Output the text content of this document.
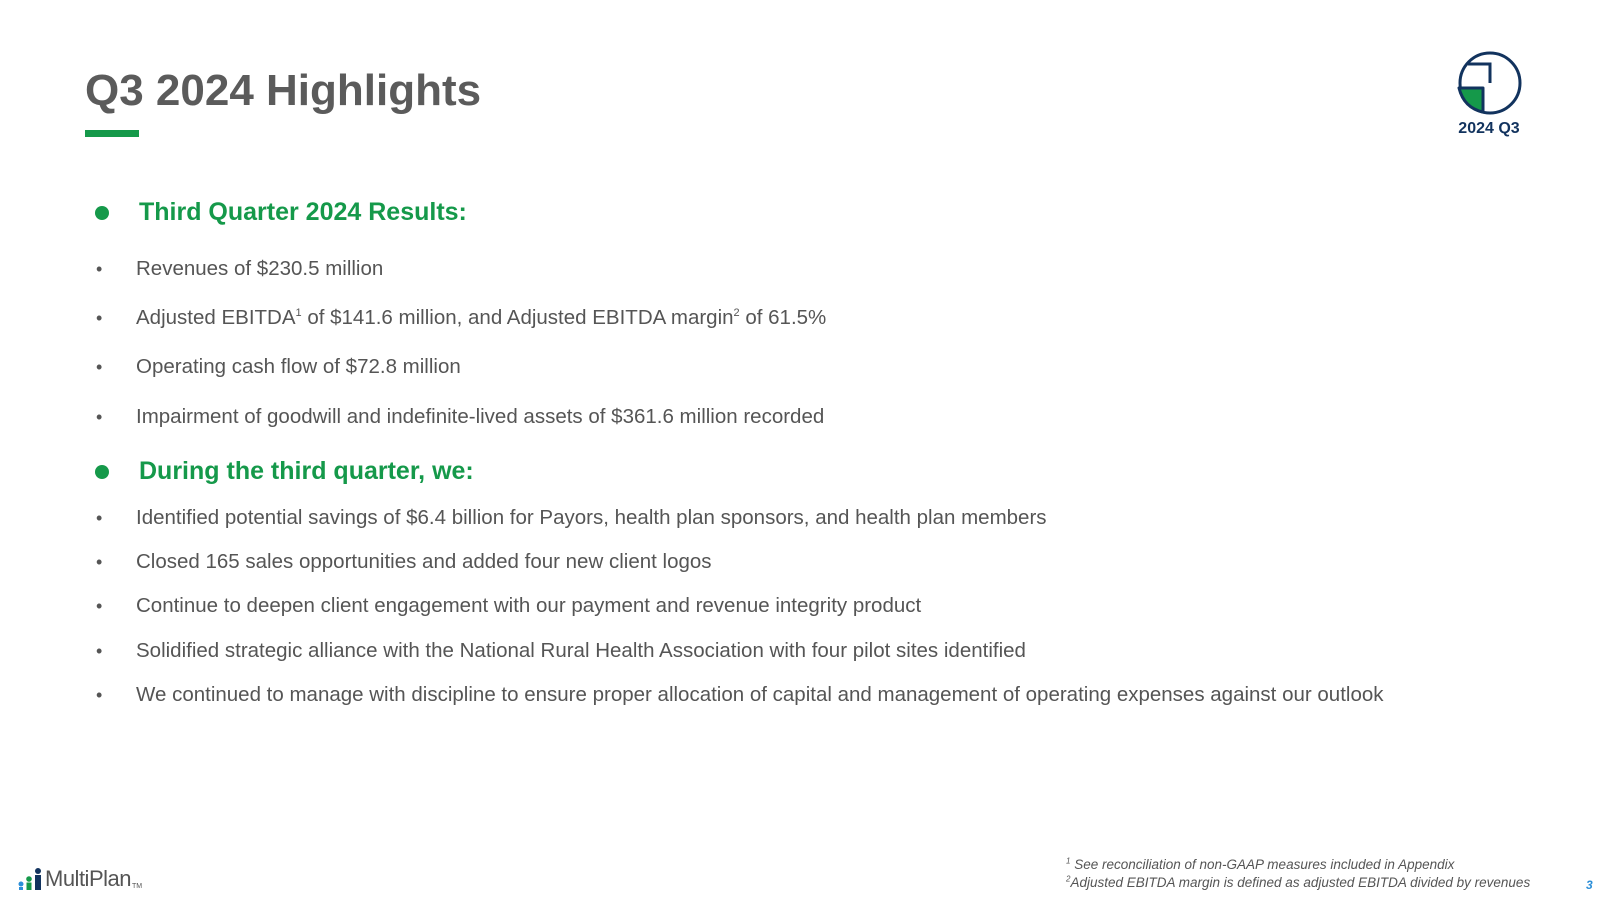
Q3 2024 Highlights
2024 Q3
Third Quarter 2024 Results:
•	Revenues of $230.5 million
•	Adjusted EBITDA$^1$ of $141.6 million, and Adjusted EBITDA margin$^2$ of 61.5%
•	Operating cash flow of $72.8 million
•	Impairment of goodwill and indefinite-lived assets of $361.6 million recorded
During the third quarter, we:
•	Identified potential savings of $6.4 billion for Payors, health plan sponsors, and health plan members
•	Closed 165 sales opportunities and added four new client logos
•	Continue to deepen client engagement with our payment and revenue integrity product
•	Solidified strategic alliance with the National Rural Health Association with four pilot sites identified
•	We continued to manage with discipline to ensure proper allocation of capital and management of operating expenses against our outlook
MultiPlan TM
$^1$ See reconciliation of non-GAAP measures included in Appendix
$^2$Adjusted EBITDA margin is defined as adjusted EBITDA divided by revenues	3
